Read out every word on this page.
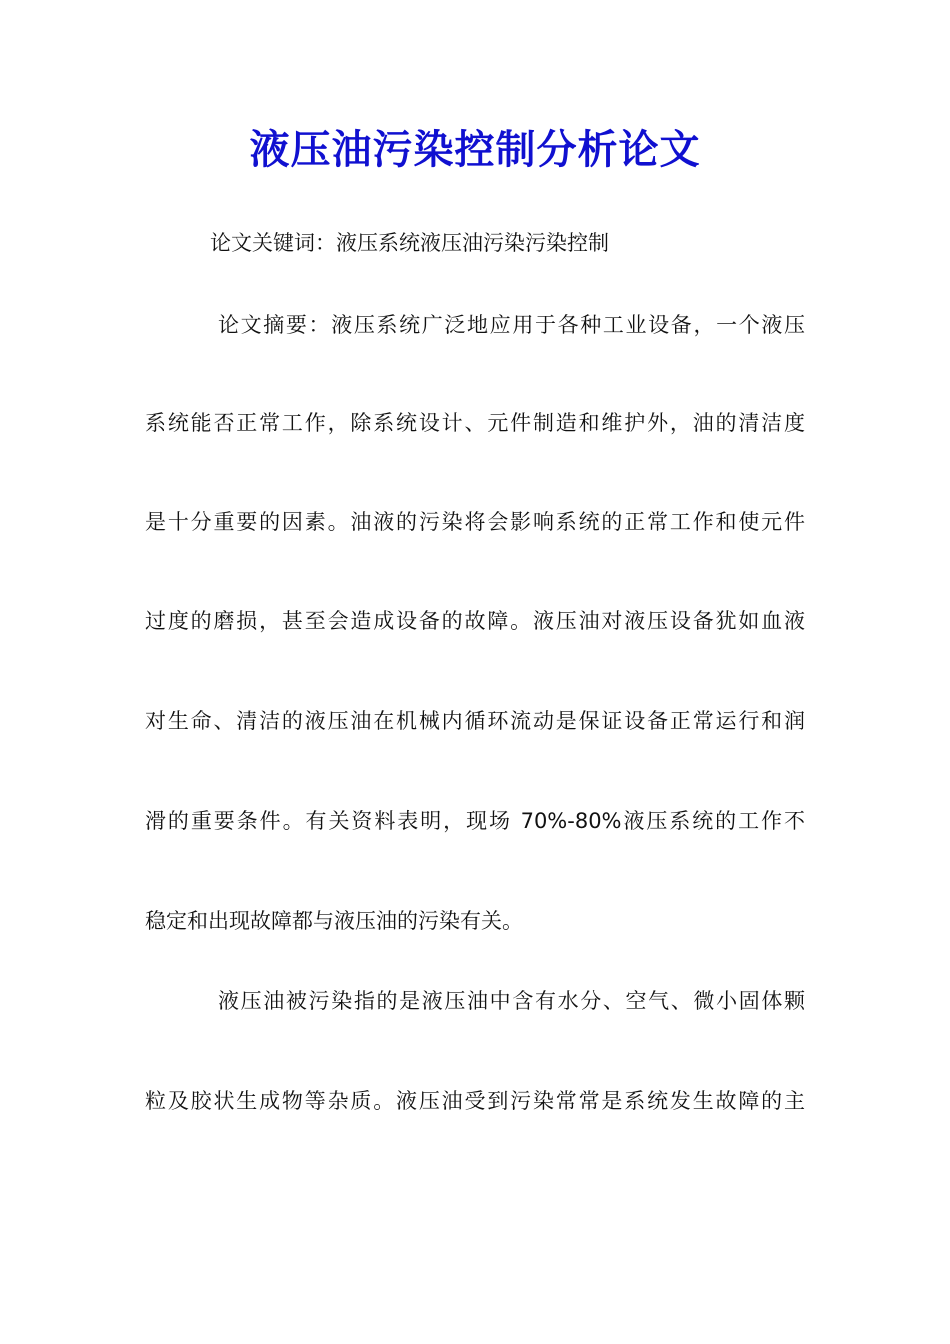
液压油污染控制分析论文

论文关键词：液压系统液压油污染污染控制

论文摘要：液压系统广泛地应用于各种工业设备，一个液压

系统能否正常工作，除系统设计、元件制造和维护外，油的清洁度

是十分重要的因素。油液的污染将会影响系统的正常工作和使元件

过度的磨损，甚至会造成设备的故障。液压油对液压设备犹如血液

对生命、清洁的液压油在机械内循环流动是保证设备正常运行和润

滑的重要条件。有关资料表明，现场 70%-80%液压系统的工作不

稳定和出现故障都与液压油的污染有关。

液压油被污染指的是液压油中含有水分、空气、微小固体颗

粒及胶状生成物等杂质。液压油受到污染常常是系统发生故障的主
